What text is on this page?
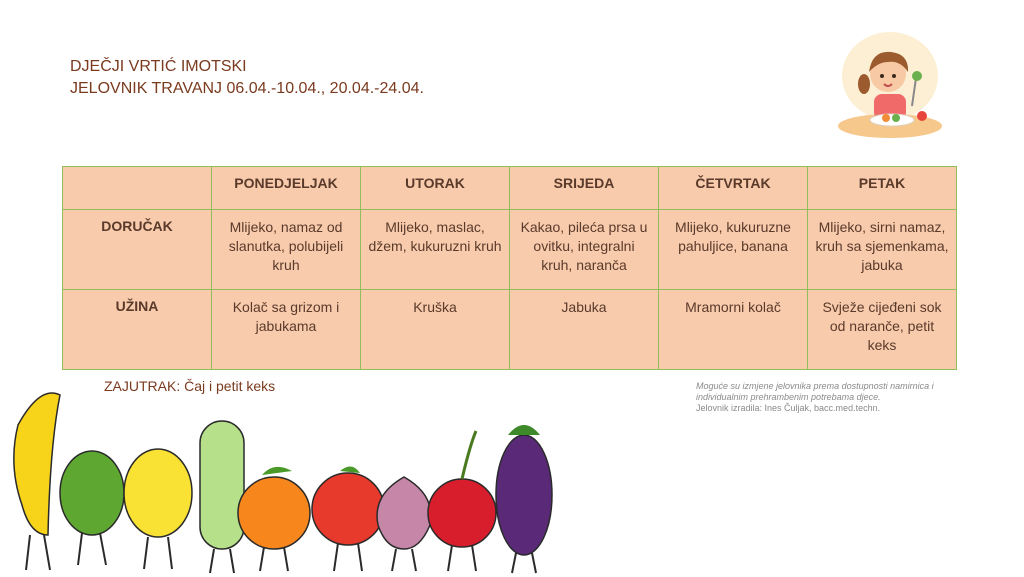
DJEČJI VRTIĆ IMOTSKI
JELOVNIK TRAVANJ 06.04.-10.04., 20.04.-24.04.
	PONEDJELJAK	UTORAK	SRIJEDA	ČETVRTAK	PETAK
DORUČAK	Mlijeko, namaz od slanutka, polubijeli kruh	Mlijeko, maslac, džem, kukuruzni kruh	Kakao, pileća prsa u ovitku, integralni kruh, naranča	Mlijeko, kukuruzne pahuljice, banana	Mlijeko, sirni namaz, kruh sa sjemenkama, jabuka
UŽINA	Kolač sa grizom i jabukama	Kruška	Jabuka	Mramorni kolač	Svježe cijeđeni sok od naranče, petit keks
ZAJUTRAK: Čaj i petit keks	Moguće su izmjene jelovnika prema dostupnosti namirnica i individualnim prehrambenim potrebama djece.
Jelovnik izradila: Ines Čuljak, bacc.med.techn.
